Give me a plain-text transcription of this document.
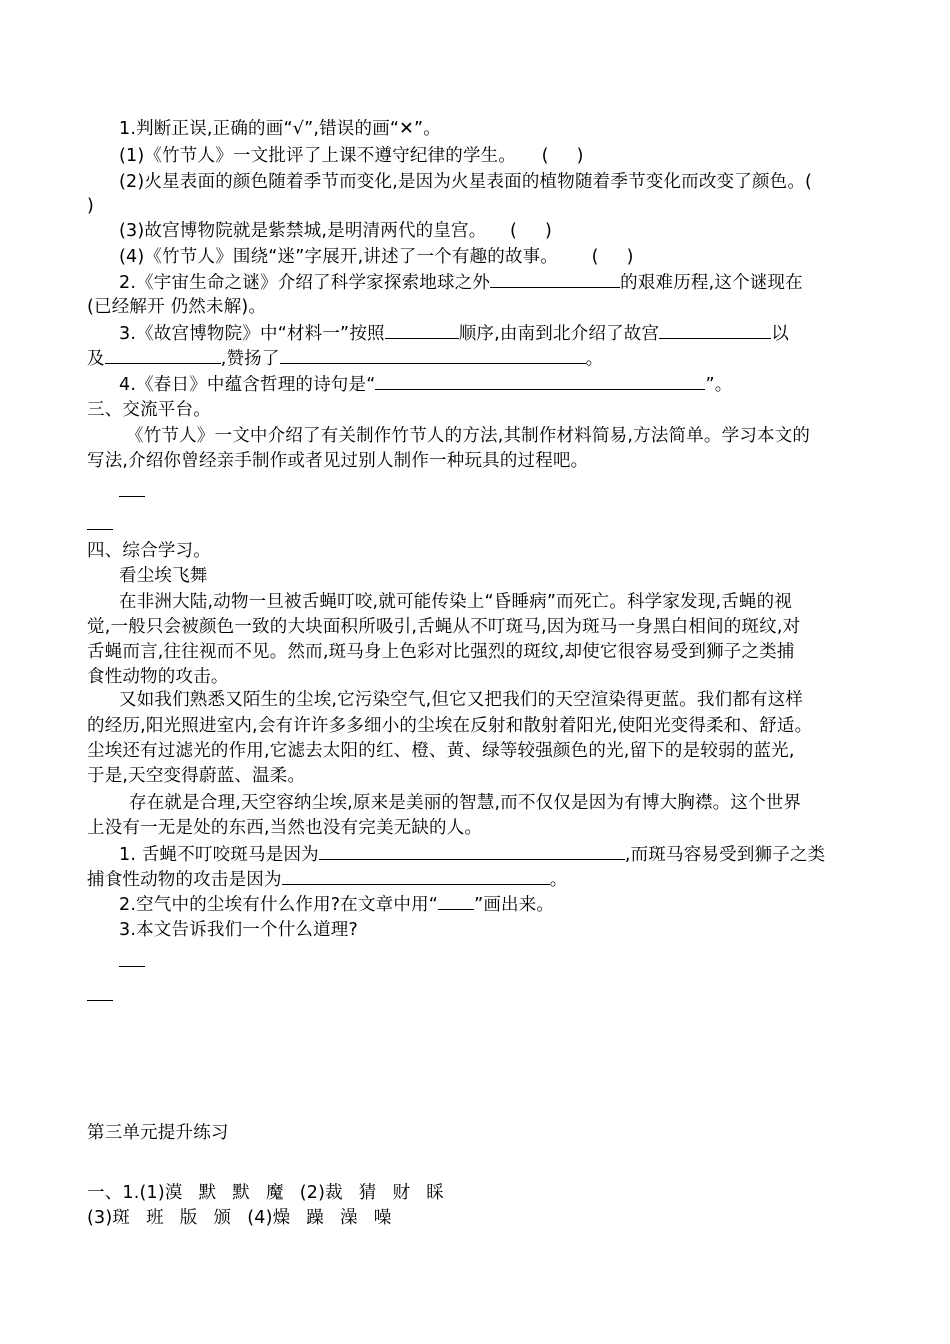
1.判断正误,正确的画“√”,错误的画“✕”。
(1)《竹节人》一文批评了上课不遵守纪律的学生。 ( )
(2)火星表面的颜色随着季节而变化,是因为火星表面的植物随着季节变化而改变了颜色。(
)
(3)故宫博物院就是紫禁城,是明清两代的皇宫。 ( )
(4)《竹节人》围绕“迷”字展开,讲述了一个有趣的故事。 ( )
2.《宇宙生命之谜》介绍了科学家探索地球之外	的艰难历程,这个谜现在
(已经解开 仍然未解)。
3.《故宫博物院》中“材料一”按照	顺序,由南到北介绍了故宫	以
及	,赞扬了	。
4.《春日》中蕴含哲理的诗句是“	”。
三、交流平台。
《竹节人》一文中介绍了有关制作竹节人的方法,其制作材料简易,方法简单。学习本文的
写法,介绍你曾经亲手制作或者见过别人制作一种玩具的过程吧。
四、综合学习。
看尘埃飞舞
在非洲大陆,动物一旦被舌蝇叮咬,就可能传染上“昏睡病”而死亡。科学家发现,舌蝇的视
觉,一般只会被颜色一致的大块面积所吸引,舌蝇从不叮斑马,因为斑马一身黑白相间的斑纹,对
舌蝇而言,往往视而不见。然而,斑马身上色彩对比强烈的斑纹,却使它很容易受到狮子之类捕
食性动物的攻击。
又如我们熟悉又陌生的尘埃,它污染空气,但它又把我们的天空渲染得更蓝。我们都有这样
的经历,阳光照进室内,会有许许多多细小的尘埃在反射和散射着阳光,使阳光变得柔和、舒适。
尘埃还有过滤光的作用,它滤去太阳的红、橙、黄、绿等较强颜色的光,留下的是较弱的蓝光,
于是,天空变得蔚蓝、温柔。
存在就是合理,天空容纳尘埃,原来是美丽的智慧,而不仅仅是因为有博大胸襟。这个世界
上没有一无是处的东西,当然也没有完美无缺的人。
1. 舌蝇不叮咬斑马是因为	,而斑马容易受到狮子之类
捕食性动物的攻击是因为	。
2.空气中的尘埃有什么作用?在文章中用“ ”画出来。
3.本文告诉我们一个什么道理?
第三单元提升练习
一、1.(1)漠 默 默 魔 (2)裁 猜 财 睬
(3)斑 班 版 颁 (4)燥 躁 澡 噪
